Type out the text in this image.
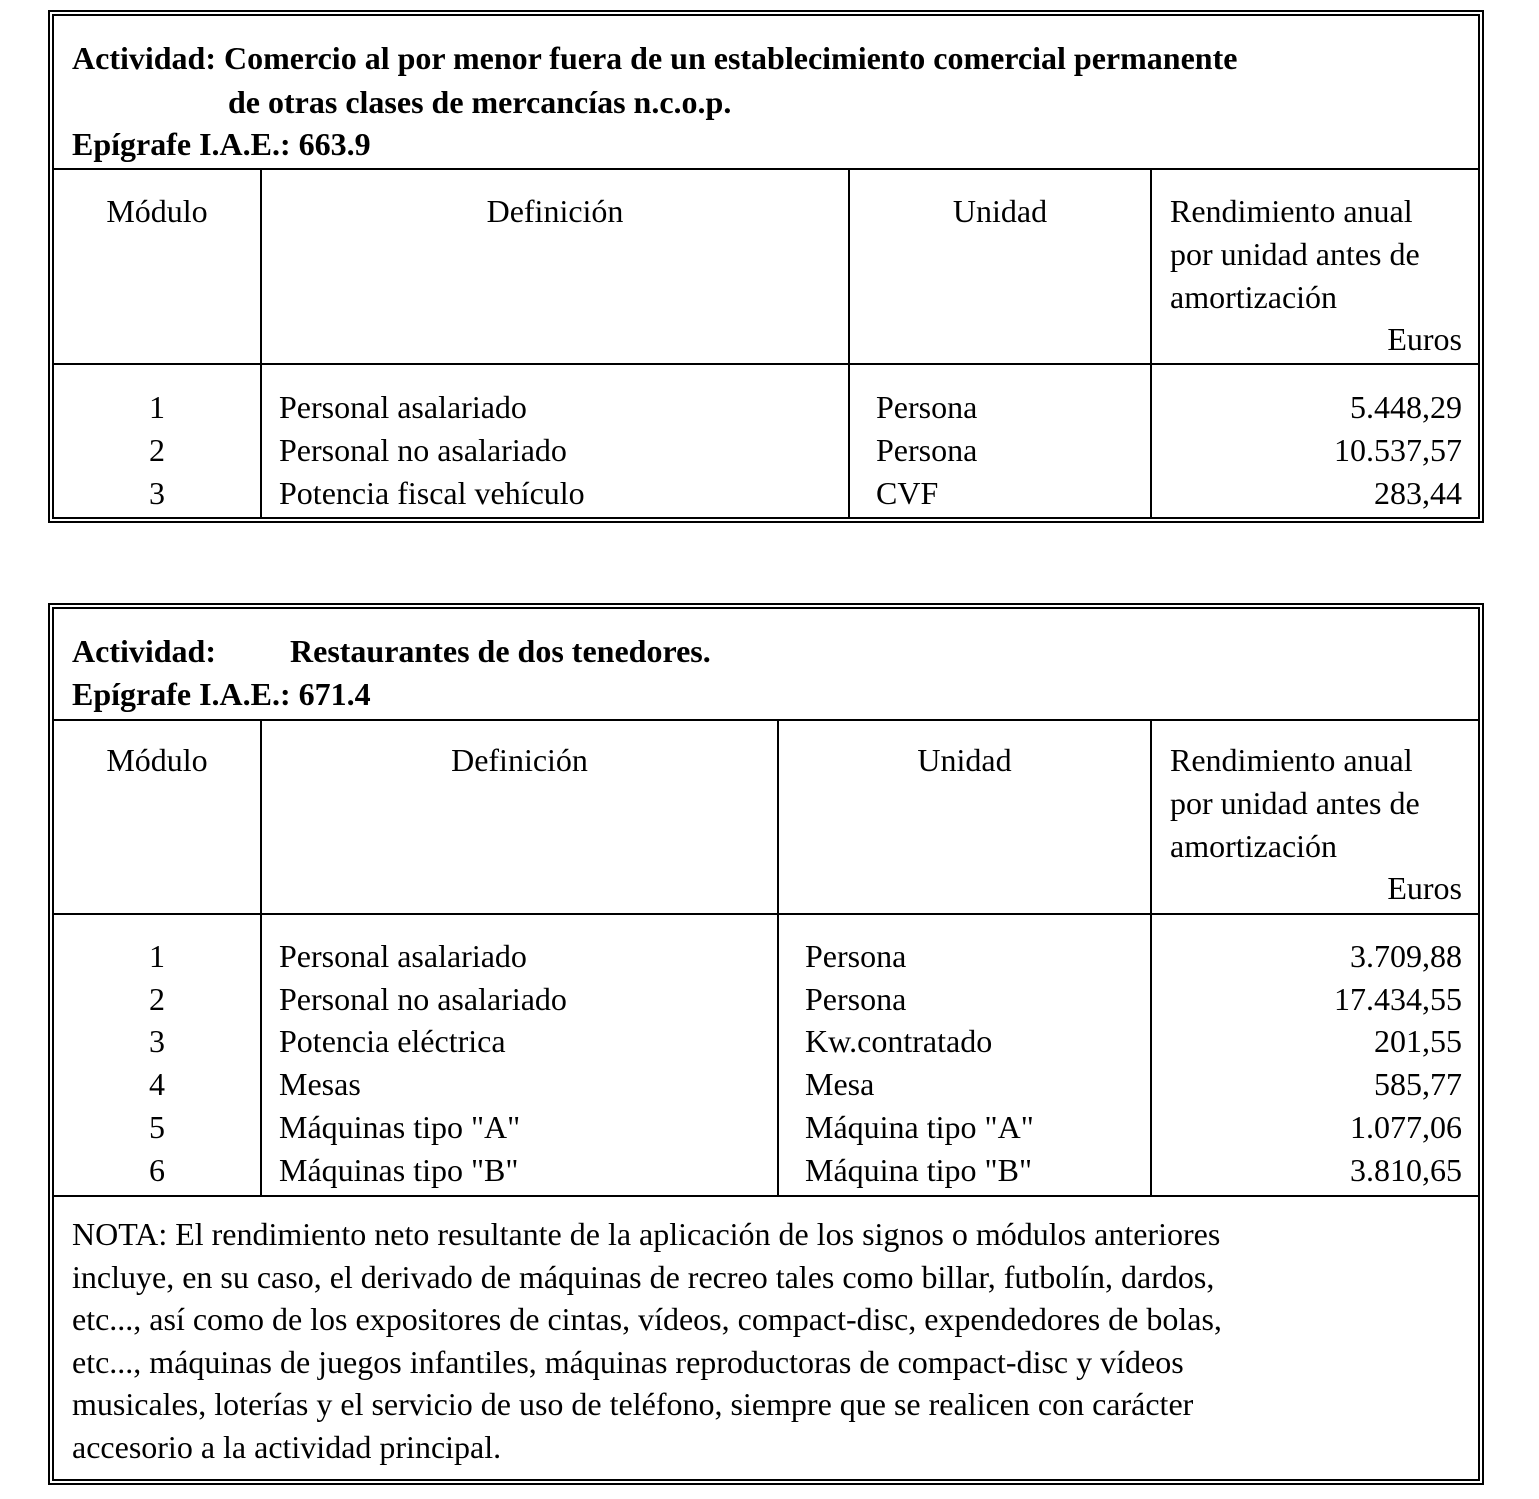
Actividad: Comercio al por menor fuera de un establecimiento comercial permanente
de otras clases de mercancías n.c.o.p.
Epígrafe I.A.E.: 663.9
Módulo	Definición	Unidad	Rendimiento anual
por unidad antes de
amortización
Euros
1	Personal asalariado	Persona	5.448,29
2	Personal no asalariado	Persona	10.537,57
3	Potencia fiscal vehículo	CVF	283,44
Actividad: Restaurantes de dos tenedores.
Epígrafe I.A.E.: 671.4
Módulo	Definición	Unidad	Rendimiento anual
por unidad antes de
amortización
Euros
1	Personal asalariado	Persona	3.709,88
2	Personal no asalariado	Persona	17.434,55
3	Potencia eléctrica	Kw.contratado	201,55
4	Mesas	Mesa	585,77
5	Máquinas tipo "A"	Máquina tipo "A"	1.077,06
6	Máquinas tipo "B"	Máquina tipo "B"	3.810,65
NOTA: El rendimiento neto resultante de la aplicación de los signos o módulos anteriores
incluye, en su caso, el derivado de máquinas de recreo tales como billar, futbolín, dardos,
etc..., así como de los expositores de cintas, vídeos, compact-disc, expendedores de bolas,
etc..., máquinas de juegos infantiles, máquinas reproductoras de compact-disc y vídeos
musicales, loterías y el servicio de uso de teléfono, siempre que se realicen con carácter
accesorio a la actividad principal.
